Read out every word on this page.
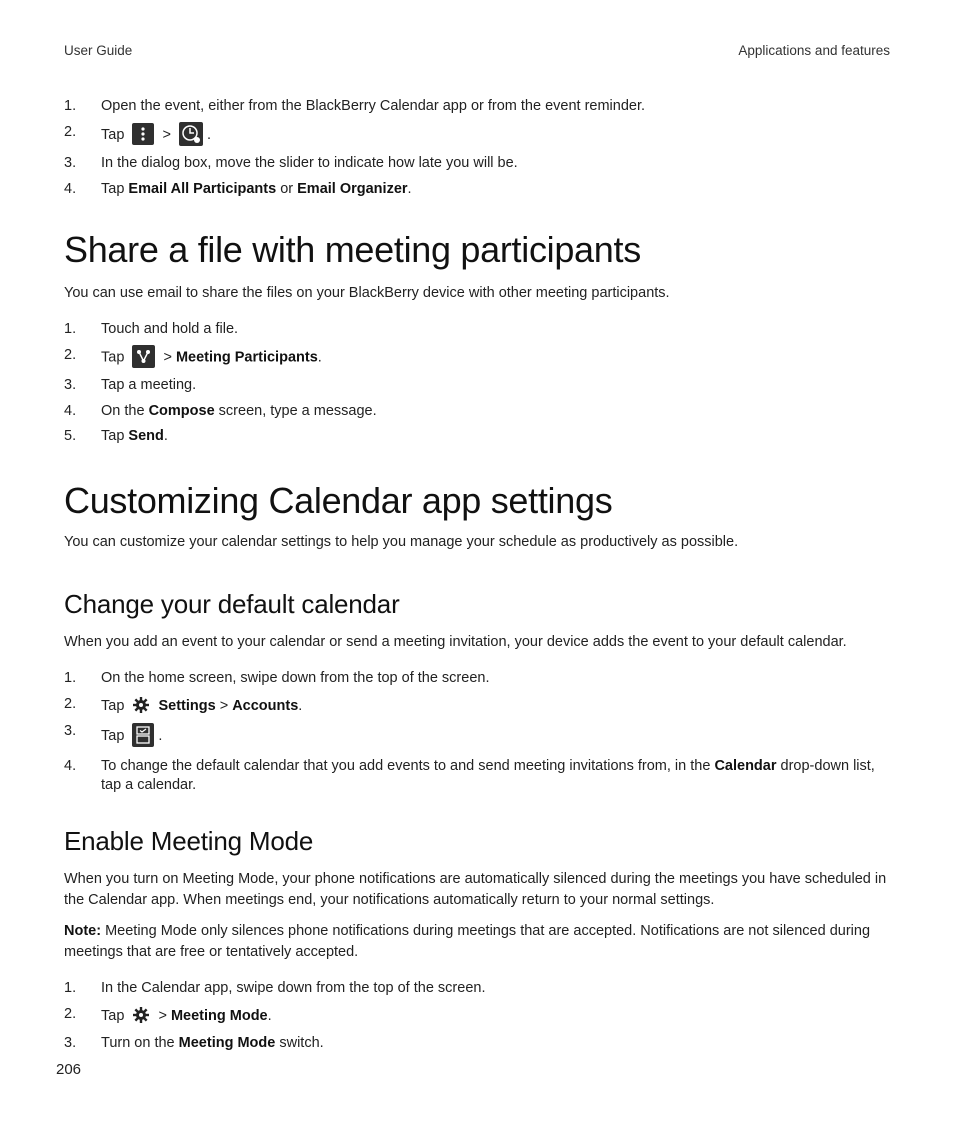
User Guide	Applications and features
1. Open the event, either from the BlackBerry Calendar app or from the event reminder.
2. Tap	> .
3. In the dialog box, move the slider to indicate how late you will be.
4. Tap Email All Participants or Email Organizer.
Share a file with meeting participants

You can use email to share the files on your BlackBerry device with other meeting participants.

1. Touch and hold a file.
2. Tap	> Meeting Participants.
3. Tap a meeting.
4. On the Compose screen, type a message.
5. Tap Send.
Customizing Calendar app settings

You can customize your calendar settings to help you manage your schedule as productively as possible.

Change your default calendar

When you add an event to your calendar or send a meeting invitation, your device adds the event to your default calendar.

1. On the home screen, swipe down from the top of the screen.
2. Tap Settings > Accounts.
3. Tap .
4. To change the default calendar that you add events to and send meeting invitations from, in the Calendar drop-down list, tap a calendar.
Enable Meeting Mode

When you turn on Meeting Mode, your phone notifications are automatically silenced during the meetings you have scheduled in the Calendar app. When meetings end, your notifications automatically return to your normal settings.

Note: Meeting Mode only silences phone notifications during meetings that are accepted. Notifications are not silenced during meetings that are free or tentatively accepted.

1. In the Calendar app, swipe down from the top of the screen.
2. Tap > Meeting Mode.
3. Turn on the Meeting Mode switch.
206
